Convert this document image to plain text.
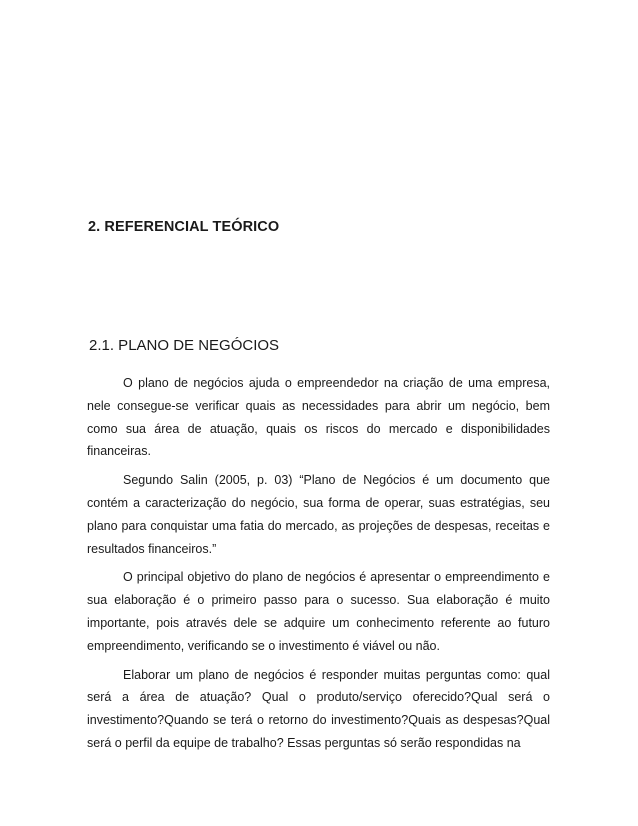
2. REFERENCIAL TEÓRICO
2.1. PLANO DE NEGÓCIOS

O plano de negócios ajuda o empreendedor na criação de uma empresa, nele consegue-se verificar quais as necessidades para abrir um negócio, bem como sua área de atuação, quais os riscos do mercado e disponibilidades financeiras.

Segundo Salin (2005, p. 03) “Plano de Negócios é um documento que contém a caracterização do negócio, sua forma de operar, suas estratégias, seu plano para conquistar uma fatia do mercado, as projeções de despesas, receitas e resultados financeiros.”

O principal objetivo do plano de negócios é apresentar o empreendimento e sua elaboração é o primeiro passo para o sucesso. Sua elaboração é muito importante, pois através dele se adquire um conhecimento referente ao futuro empreendimento, verificando se o investimento é viável ou não.

Elaborar um plano de negócios é responder muitas perguntas como: qual será a área de atuação? Qual o produto/serviço oferecido?Qual será o investimento?Quando se terá o retorno do investimento?Quais as despesas?Qual será o perfil da equipe de trabalho? Essas perguntas só serão respondidas na
